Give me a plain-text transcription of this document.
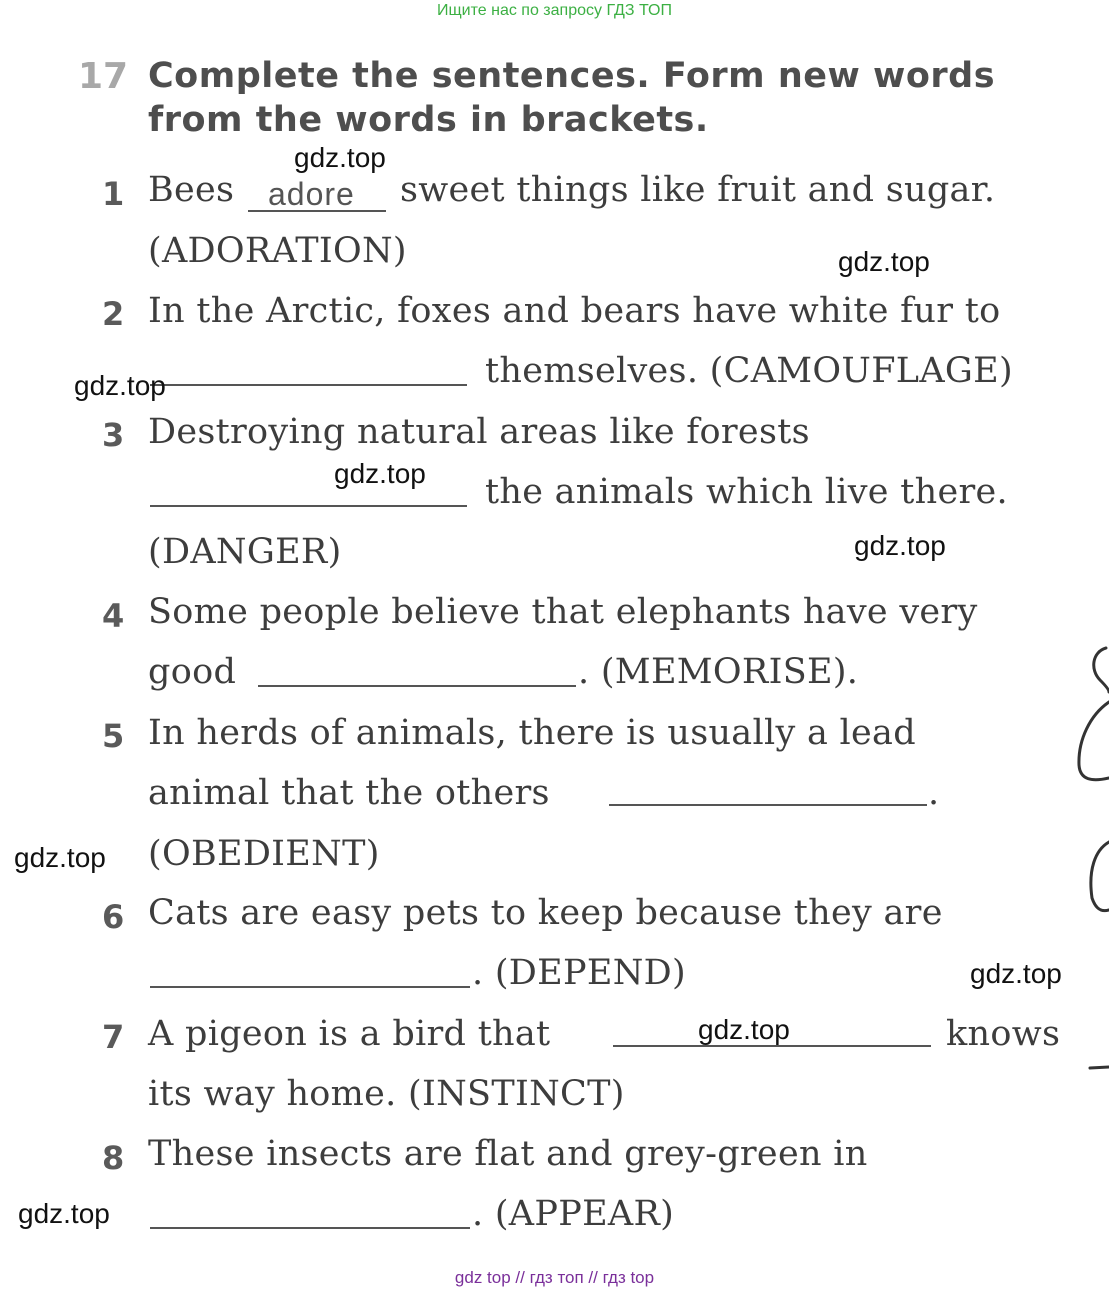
Ищите нас по запросу ГДЗ ТОП
17 Complete the sentences. Form new words
from the words in brackets.
1 Bees adore sweet things like fruit and sugar.
(ADORATION)
2 In the Arctic, foxes and bears have white fur to
themselves. (CAMOUFLAGE)
3 Destroying natural areas like forests
the animals which live there.
(DANGER)
4 Some people believe that elephants have very
good	. (MEMORISE).
5 In herds of animals, there is usually a lead
animal that the others	.
(OBEDIENT)
6 Cats are easy pets to keep because they are
. (DEPEND)
7 A pigeon is a bird that	knows
its way home. (INSTINCT)
8 These insects are flat and grey-green in
. (APPEAR)
gdz.top
gdz.top
gdz.top
gdz.top
gdz.top
gdz.top
gdz.top
gdz.top
gdz.top
gdz top // гдз топ // гдз top
